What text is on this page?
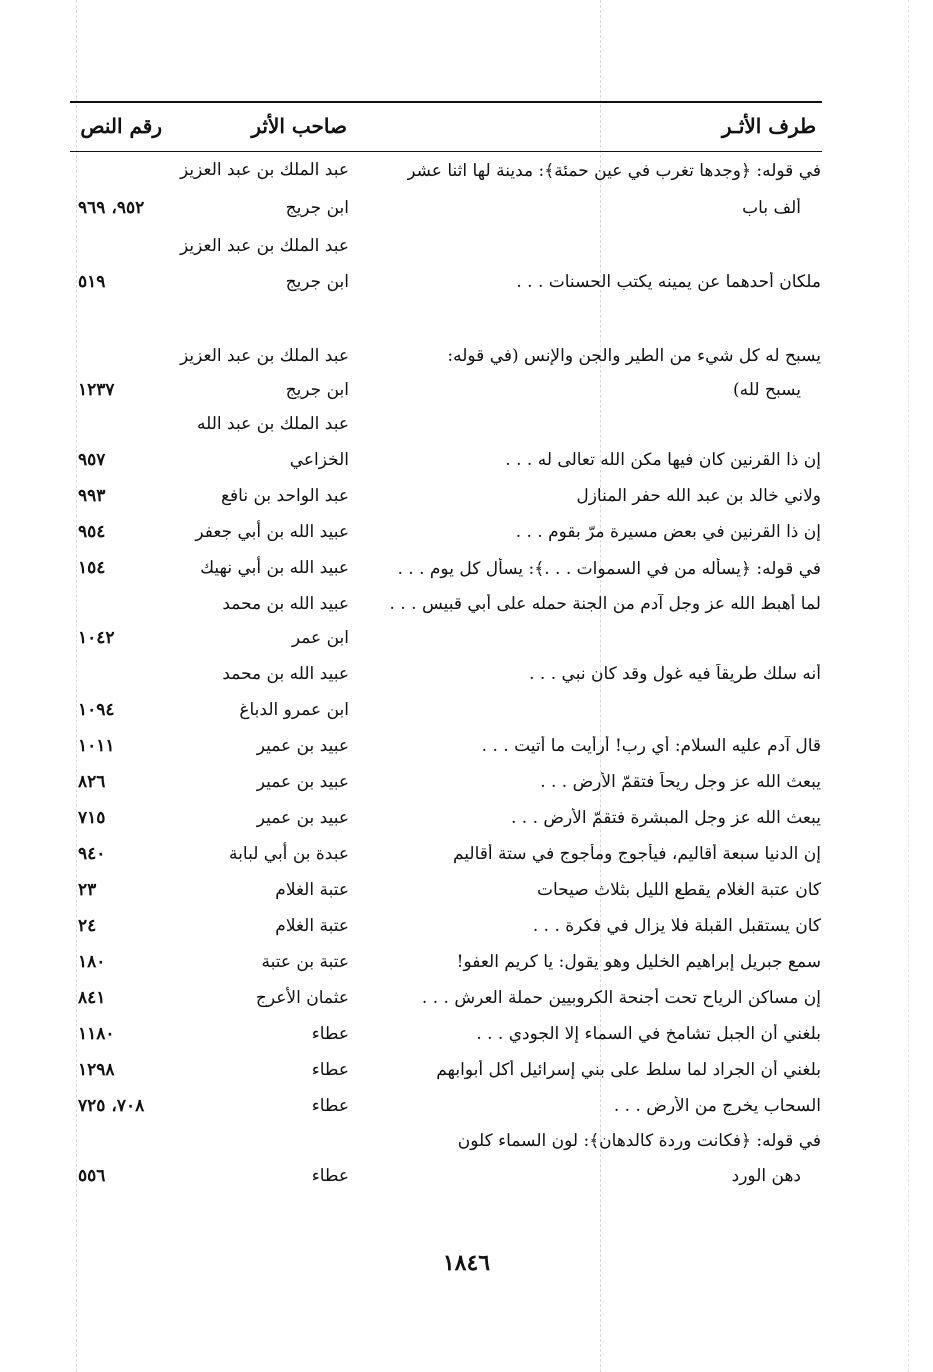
طرف الأثـر
صاحب الأثر
رقم النص
في قوله: ﴿وجدها تغرب في عين حمئة﴾: مدينة لها اثنا عشر
عبد الملك بن عبد العزيز
ألف باب
ابن جريج
٩٥٢، ٩٦٩
عبد الملك بن عبد العزيز
ملكان أحدهما عن يمينه يكتب الحسنات . . .
ابن جريج
٥١٩
يسبح له كل شيء من الطير والجن والإنس (في قوله:
عبد الملك بن عبد العزيز
يسبح لله)
ابن جريج
١٢٣٧
عبد الملك بن عبد الله
إن ذا القرنين كان فيها مكن الله تعالى له . . .
الخزاعي
٩٥٧
ولاني خالد بن عبد الله حفر المنازل
عبد الواحد بن نافع
٩٩٣
إن ذا القرنين في بعض مسيرة مرّ بقوم . . .
عبيد الله بن أبي جعفر
٩٥٤
في قوله: ﴿يسأله من في السموات . . .﴾: يسأل كل يوم . . .
عبيد الله بن أبي نهيك
١٥٤
لما أهبط الله عز وجل آدم من الجنة حمله على أبي قبيس . . .
عبيد الله بن محمد
ابن عمر
١٠٤٢
أنه سلك طريقاً فيه غول وقد كان نبي . . .
عبيد الله بن محمد
ابن عمرو الدباغ
١٠٩٤
قال آدم عليه السلام: أي رب! أرأيت ما أتيت . . .
عبيد بن عمير
١٠١١
يبعث الله عز وجل ريحاً فتقمّ الأرض . . .
عبيد بن عمير
٨٢٦
يبعث الله عز وجل المبشرة فتقمّ الأرض . . .
عبيد بن عمير
٧١٥
إن الدنيا سبعة أقاليم، فيأجوج ومأجوج في ستة أقاليم
عبدة بن أبي لبابة
٩٤٠
كان عتبة الغلام يقطع الليل بثلاث صيحات
عتبة الغلام
٢٣
كان يستقبل القبلة فلا يزال في فكرة . . .
عتبة الغلام
٢٤
سمع جبريل إبراهيم الخليل وهو يقول: يا كريم العفو!
عتبة بن عتبة
١٨٠
إن مساكن الرياح تحت أجنحة الكروبيين حملة العرش . . .
عثمان الأعرج
٨٤١
بلغني أن الجبل تشامخ في السماء إلا الجودي . . .
عطاء
١١٨٠
بلغني أن الجراد لما سلط على بني إسرائيل أكل أبوابهم
عطاء
١٢٩٨
السحاب يخرج من الأرض . . .
عطاء
٧٠٨، ٧٢٥
في قوله: ﴿فكانت وردة كالدهان﴾: لون السماء كلون
دهن الورد
عطاء
٥٥٦
١٨٤٦
